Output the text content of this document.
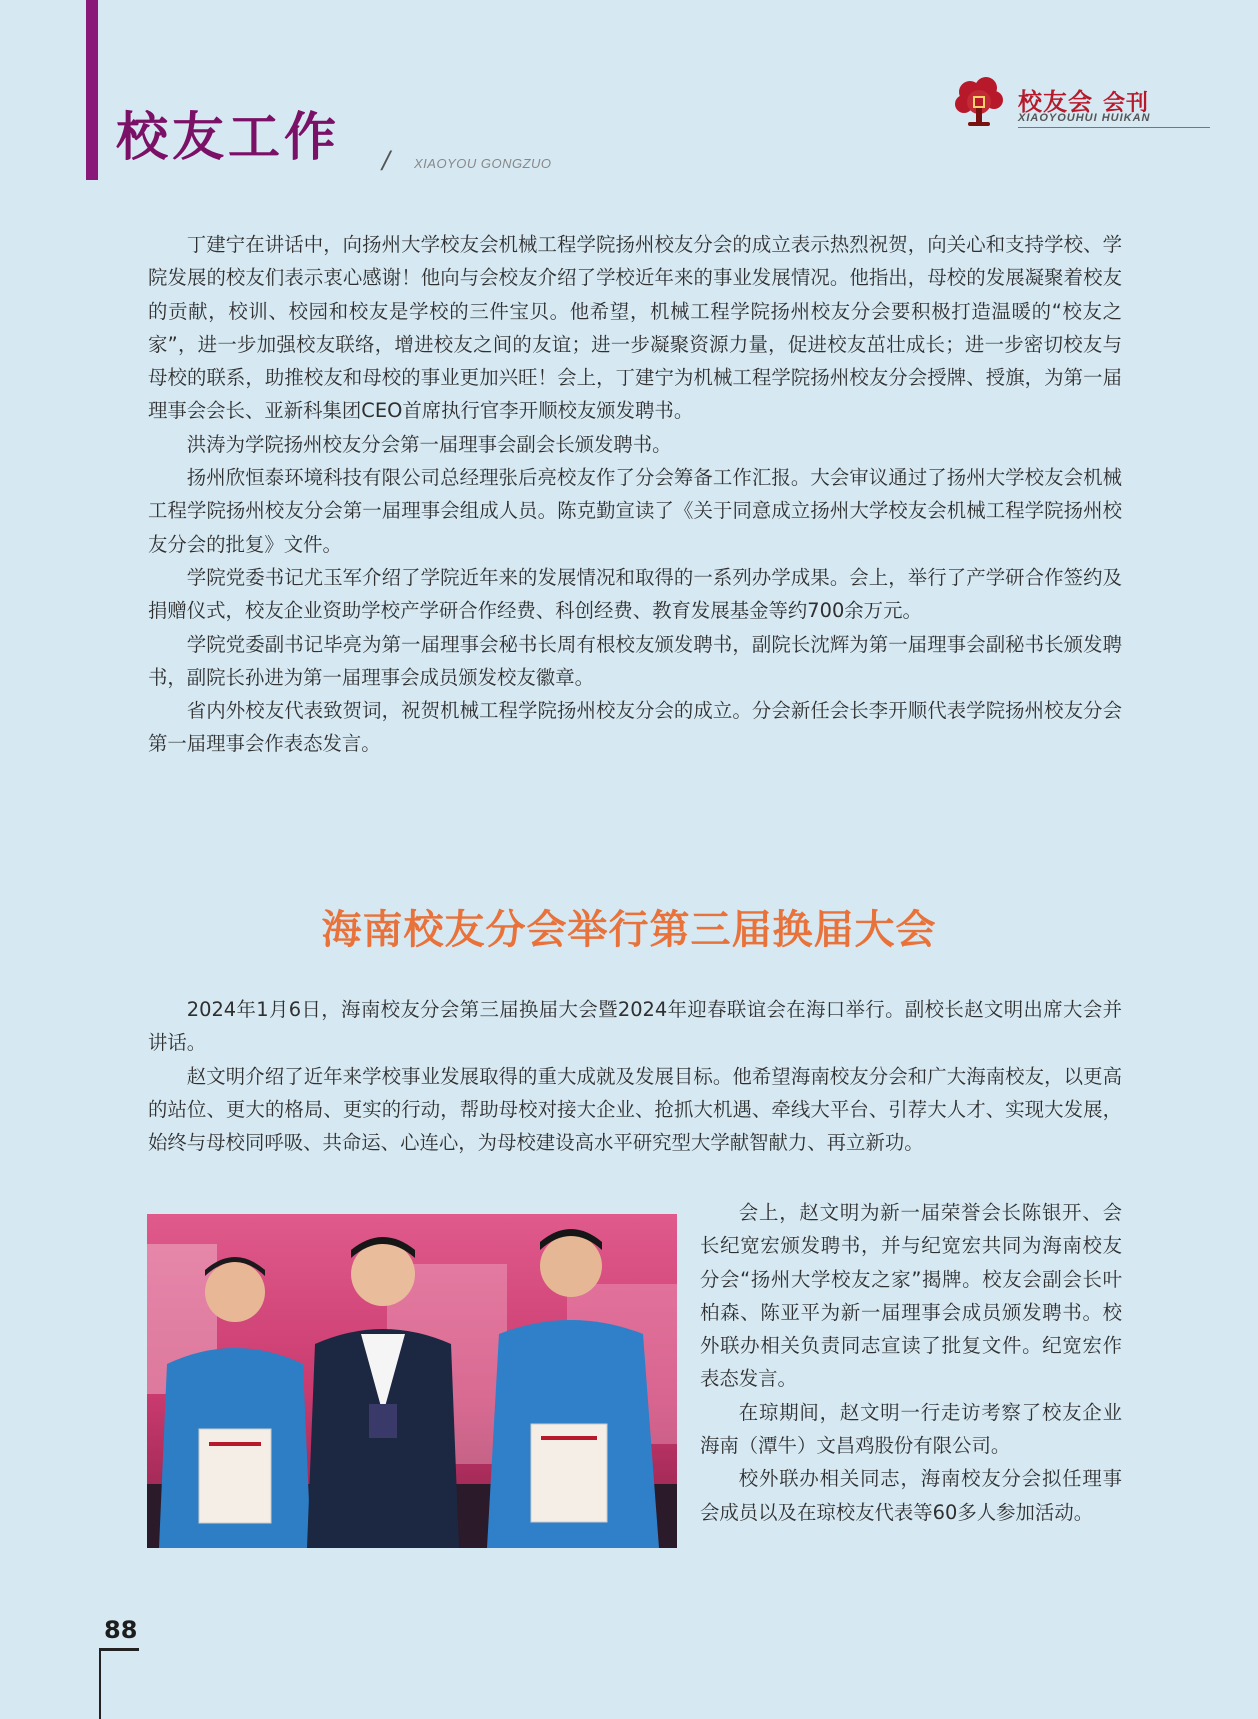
校友工作 / XIAOYOU GONGZUO
校友会 会刊
XIAOYOUHUI HUIKAN

丁建宁在讲话中，向扬州大学校友会机械工程学院扬州校友分会的成立表示热烈祝贺，向关心和支持学校、学院发展的校友们表示衷心感谢！他向与会校友介绍了学校近年来的事业发展情况。他指出，母校的发展凝聚着校友的贡献，校训、校园和校友是学校的三件宝贝。他希望，机械工程学院扬州校友分会要积极打造温暖的“校友之家”，进一步加强校友联络，增进校友之间的友谊；进一步凝聚资源力量，促进校友茁壮成长；进一步密切校友与母校的联系，助推校友和母校的事业更加兴旺！会上，丁建宁为机械工程学院扬州校友分会授牌、授旗，为第一届理事会会长、亚新科集团CEO首席执行官李开顺校友颁发聘书。

洪涛为学院扬州校友分会第一届理事会副会长颁发聘书。

扬州欣恒泰环境科技有限公司总经理张后亮校友作了分会筹备工作汇报。大会审议通过了扬州大学校友会机械工程学院扬州校友分会第一届理事会组成人员。陈克勤宣读了《关于同意成立扬州大学校友会机械工程学院扬州校友分会的批复》文件。

学院党委书记尤玉军介绍了学院近年来的发展情况和取得的一系列办学成果。会上，举行了产学研合作签约及捐赠仪式，校友企业资助学校产学研合作经费、科创经费、教育发展基金等约700余万元。

学院党委副书记毕亮为第一届理事会秘书长周有根校友颁发聘书，副院长沈辉为第一届理事会副秘书长颁发聘书，副院长孙进为第一届理事会成员颁发校友徽章。

省内外校友代表致贺词，祝贺机械工程学院扬州校友分会的成立。分会新任会长李开顺代表学院扬州校友分会第一届理事会作表态发言。

海南校友分会举行第三届换届大会

2024年1月6日，海南校友分会第三届换届大会暨2024年迎春联谊会在海口举行。副校长赵文明出席大会并讲话。

赵文明介绍了近年来学校事业发展取得的重大成就及发展目标。他希望海南校友分会和广大海南校友，以更高的站位、更大的格局、更实的行动，帮助母校对接大企业、抢抓大机遇、牵线大平台、引荐大人才、实现大发展，始终与母校同呼吸、共命运、心连心，为母校建设高水平研究型大学献智献力、再立新功。

会上，赵文明为新一届荣誉会长陈银开、会长纪宽宏颁发聘书，并与纪宽宏共同为海南校友分会“扬州大学校友之家”揭牌。校友会副会长叶柏森、陈亚平为新一届理事会成员颁发聘书。校外联办相关负责同志宣读了批复文件。纪宽宏作表态发言。

在琼期间，赵文明一行走访考察了校友企业海南（潭牛）文昌鸡股份有限公司。

校外联办相关同志，海南校友分会拟任理事会成员以及在琼校友代表等60多人参加活动。

88
